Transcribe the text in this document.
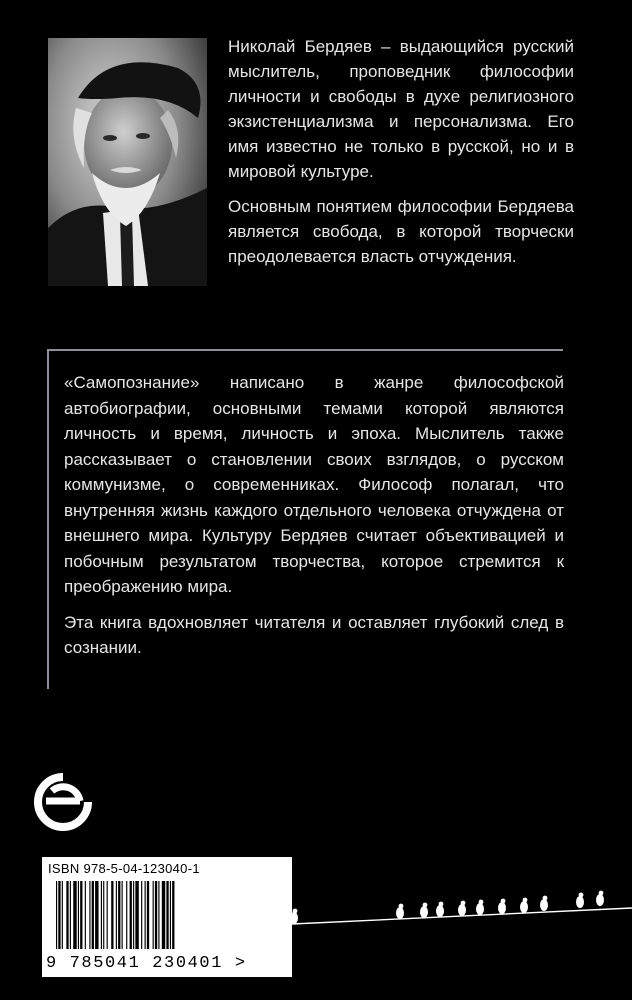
Николай Бердяев – выдающийся русский мыслитель, проповедник философии личности и свободы в духе религиозного экзистенциализма и персонализма. Его имя известно не только в русской, но и в мировой культуре.

Основным понятием философии Бердяева является свобода, в которой творчески преодолевается власть отчуждения.

«Самопознание» написано в жанре философской автобиографии, основными темами которой являются личность и время, личность и эпоха. Мыслитель также рассказывает о становлении своих взглядов, о русском коммунизме, о современниках. Философ полагал, что внутренняя жизнь каждого отдельного человека отчуждена от внешнего мира. Культуру Бердяев считает объективацией и побочным результатом творчества, которое стремится к преображению мира.

Эта книга вдохновляет читателя и оставляет глубокий след в сознании.

ISBN 978-5-04-123040-1
9 785041 230401 >
